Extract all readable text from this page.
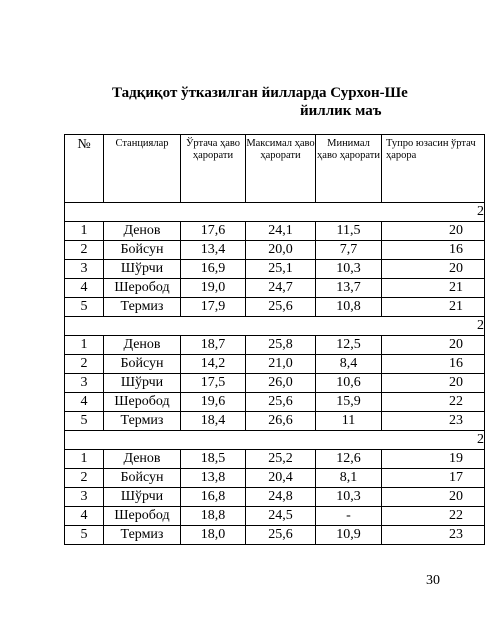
Тадқиқот ўтказилган йилларда Сурхон-Ше
йиллик маъ
№	Станциялар	Ўртача ҳаво ҳарорати	Максимал ҳаво ҳарорати	Минимал ҳаво ҳарорати	Тупро юзасин ўртач ҳарора
2					
1	Денов	17,6	24,1	11,5	20
2	Бойсун	13,4	20,0	7,7	16
3	Шўрчи	16,9	25,1	10,3	20
4	Шеробод	19,0	24,7	13,7	21
5	Термиз	17,9	25,6	10,8	21
2					
1	Денов	18,7	25,8	12,5	20
2	Бойсун	14,2	21,0	8,4	16
3	Шўрчи	17,5	26,0	10,6	20
4	Шеробод	19,6	25,6	15,9	22
5	Термиз	18,4	26,6	11	23
2					
1	Денов	18,5	25,2	12,6	19
2	Бойсун	13,8	20,4	8,1	17
3	Шўрчи	16,8	24,8	10,3	20
4	Шеробод	18,8	24,5	-	22
5	Термиз	18,0	25,6	10,9	23
30
